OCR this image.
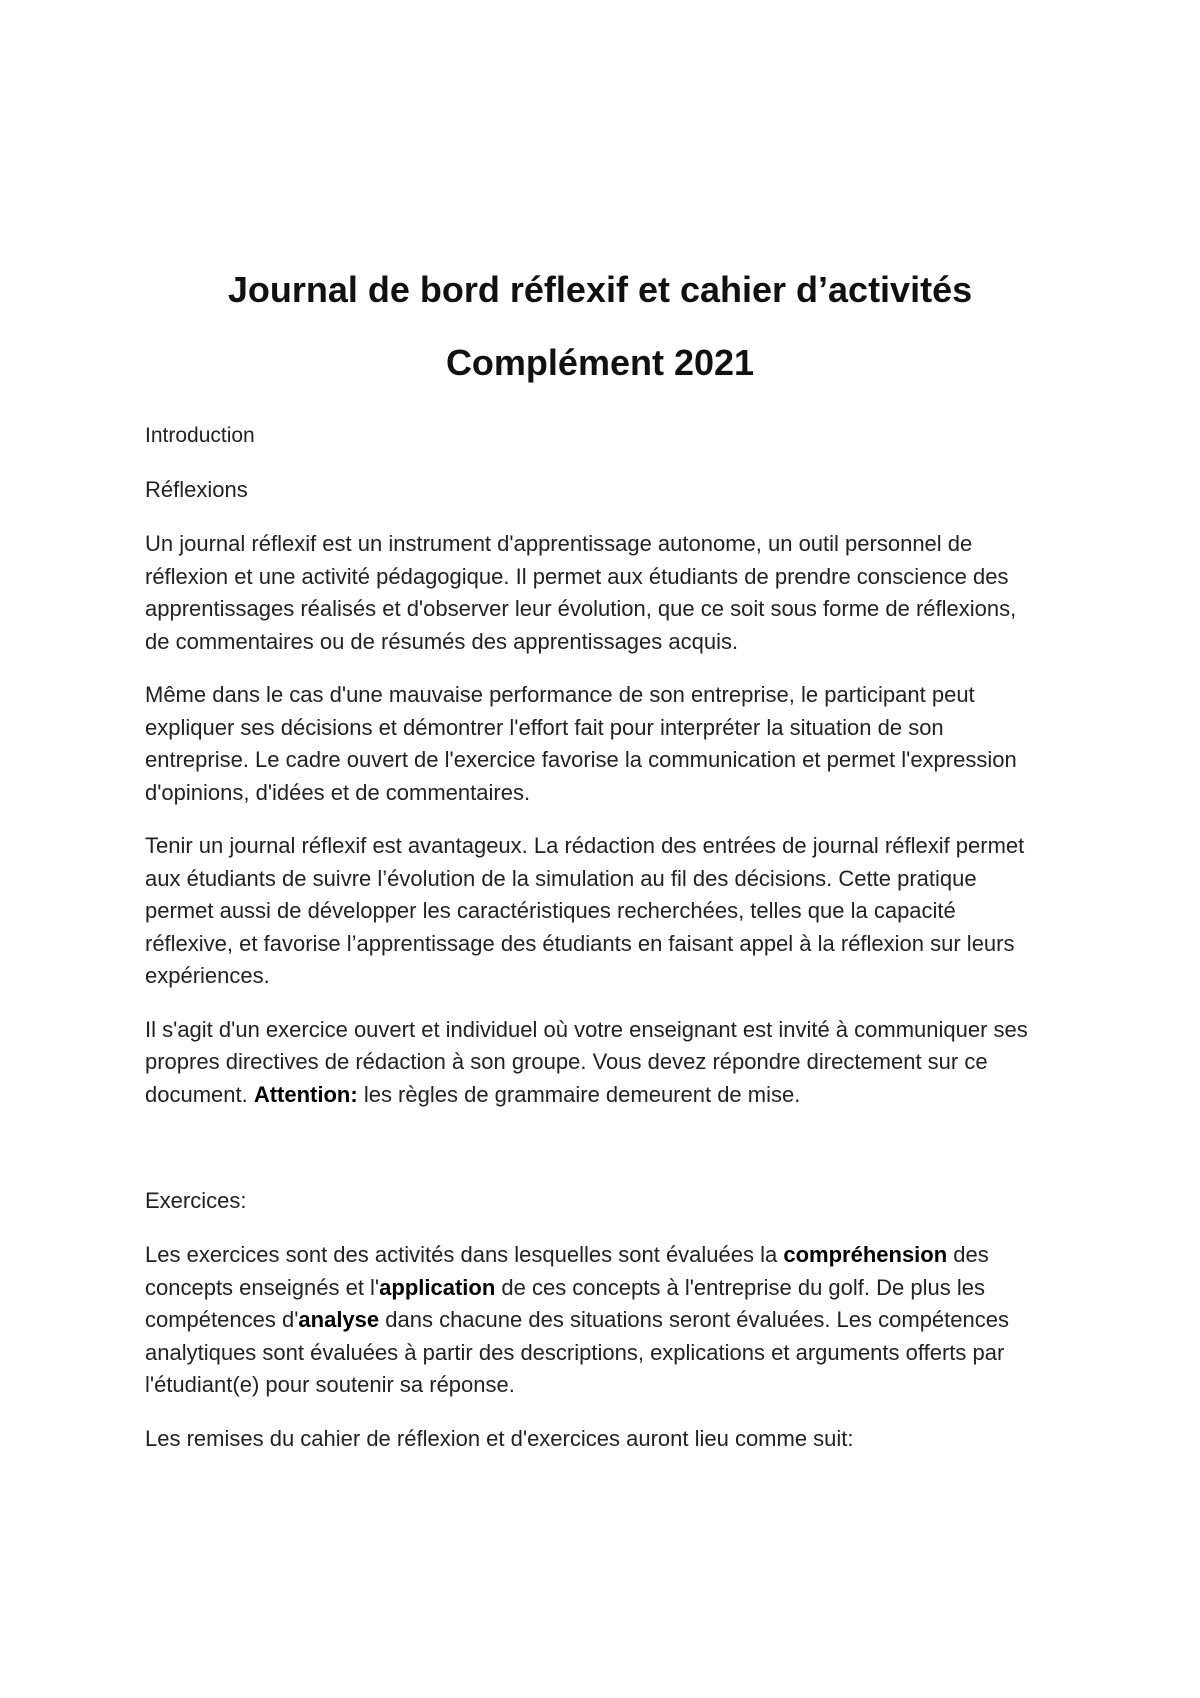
Journal de bord réflexif et cahier d’activités
Complément 2021

Introduction

Réflexions

Un journal réflexif est un instrument d'apprentissage autonome, un outil personnel de réflexion et une activité pédagogique. Il permet aux étudiants de prendre conscience des apprentissages réalisés et d'observer leur évolution, que ce soit sous forme de réflexions, de commentaires ou de résumés des apprentissages acquis.

Même dans le cas d'une mauvaise performance de son entreprise, le participant peut expliquer ses décisions et démontrer l'effort fait pour interpréter la situation de son entreprise. Le cadre ouvert de l'exercice favorise la communication et permet l'expression d'opinions, d'idées et de commentaires.

Tenir un journal réflexif est avantageux. La rédaction des entrées de journal réflexif permet aux étudiants de suivre l’évolution de la simulation au fil des décisions. Cette pratique permet aussi de développer les caractéristiques recherchées, telles que la capacité réflexive, et favorise l’apprentissage des étudiants en faisant appel à la réflexion sur leurs expériences.

Il s'agit d'un exercice ouvert et individuel où votre enseignant est invité à communiquer ses propres directives de rédaction à son groupe. Vous devez répondre directement sur ce document. Attention: les règles de grammaire demeurent de mise.

Exercices:

Les exercices sont des activités dans lesquelles sont évaluées la compréhension des concepts enseignés et l'application de ces concepts à l'entreprise du golf. De plus les compétences d'analyse dans chacune des situations seront évaluées. Les compétences analytiques sont évaluées à partir des descriptions, explications et arguments offerts par l'étudiant(e) pour soutenir sa réponse.

Les remises du cahier de réflexion et d'exercices auront lieu comme suit:
